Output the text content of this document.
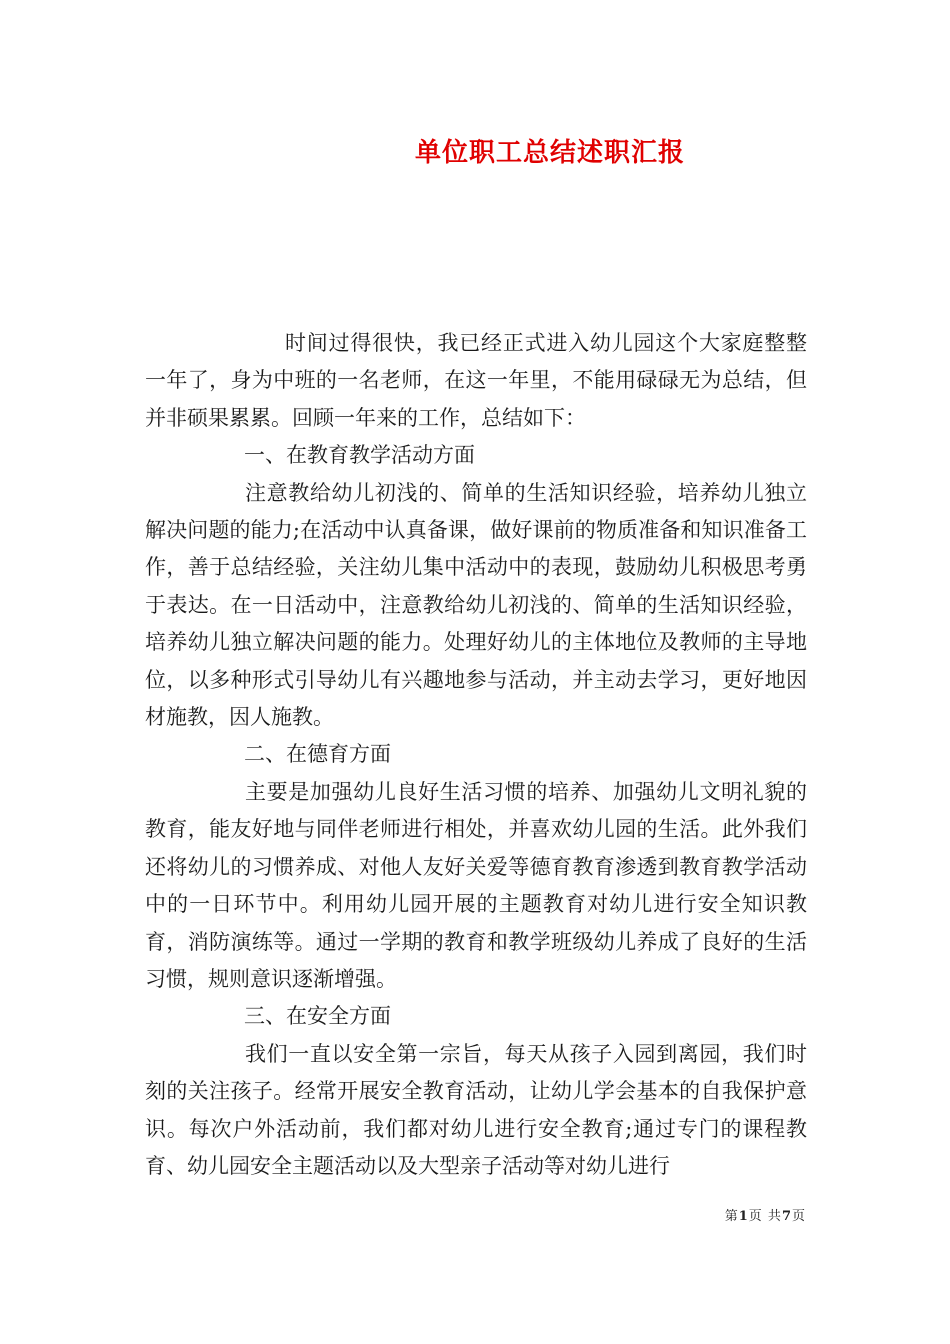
单位职工总结述职汇报

时间过得很快，我已经正式进入幼儿园这个大家庭整整一年了，身为中班的一名老师，在这一年里，不能用碌碌无为总结，但并非硕果累累。回顾一年来的工作，总结如下：

一、在教育教学活动方面

注意教给幼儿初浅的、简单的生活知识经验，培养幼儿独立解决问题的能力;在活动中认真备课，做好课前的物质准备和知识准备工作，善于总结经验，关注幼儿集中活动中的表现，鼓励幼儿积极思考勇于表达。在一日活动中，注意教给幼儿初浅的、简单的生活知识经验，培养幼儿独立解决问题的能力。处理好幼儿的主体地位及教师的主导地位，以多种形式引导幼儿有兴趣地参与活动，并主动去学习，更好地因材施教，因人施教。

二、在德育方面

主要是加强幼儿良好生活习惯的培养、加强幼儿文明礼貌的教育，能友好地与同伴老师进行相处，并喜欢幼儿园的生活。此外我们还将幼儿的习惯养成、对他人友好关爱等德育教育渗透到教育教学活动中的一日环节中。利用幼儿园开展的主题教育对幼儿进行安全知识教育，消防演练等。通过一学期的教育和教学班级幼儿养成了良好的生活习惯，规则意识逐渐增强。

三、在安全方面

我们一直以安全第一宗旨，每天从孩子入园到离园，我们时刻的关注孩子。经常开展安全教育活动，让幼儿学会基本的自我保护意识。每次户外活动前，我们都对幼儿进行安全教育;通过专门的课程教育、幼儿园安全主题活动以及大型亲子活动等对幼儿进行

第1页 共7页
